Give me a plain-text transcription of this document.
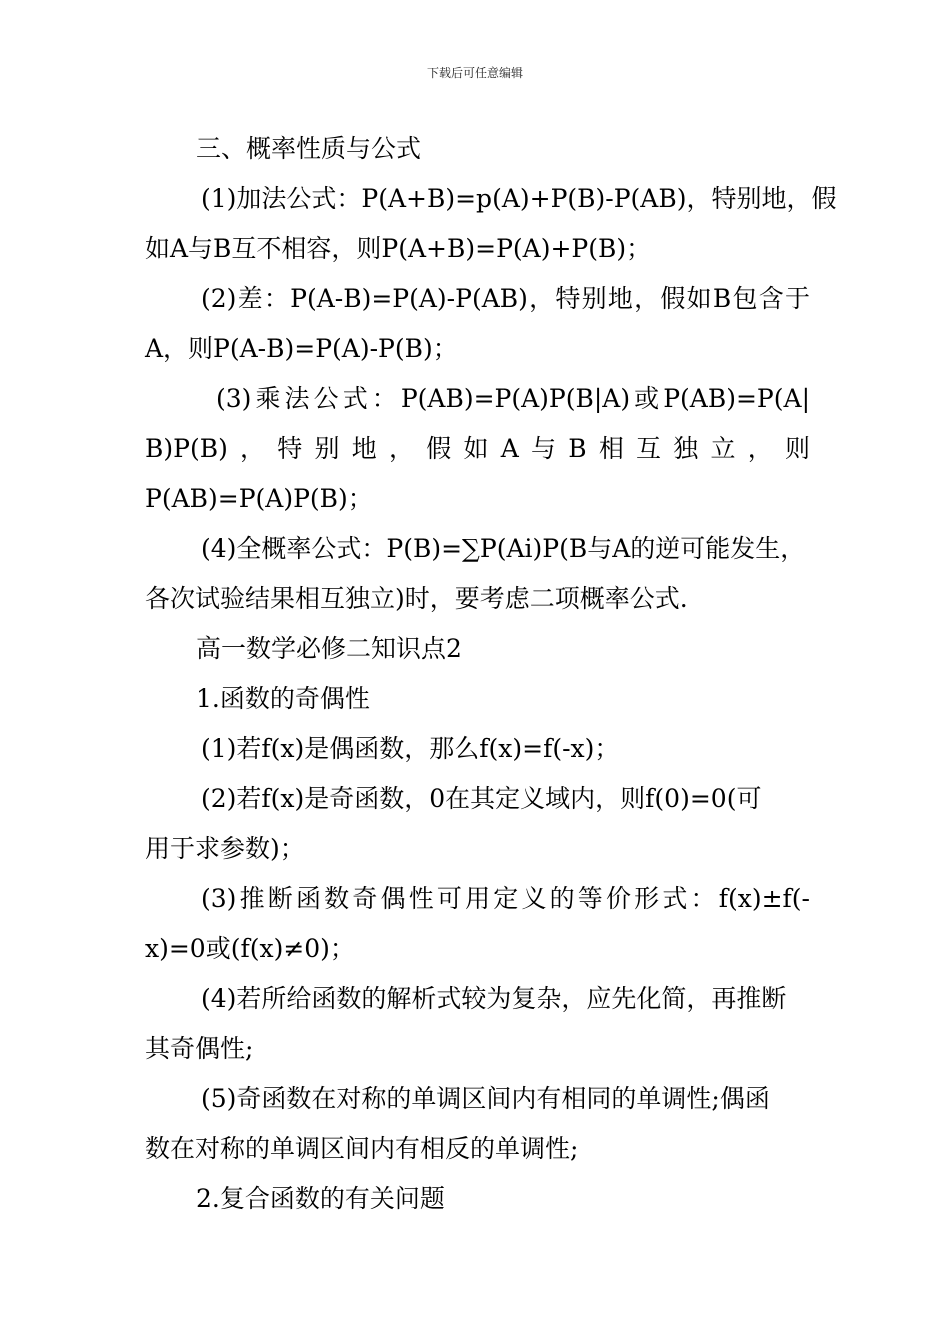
下载后可任意编辑
三、概率性质与公式
(1)加法公式：P(A+B)=p(A)+P(B)-P(AB)，特别地，假
如A与B互不相容，则P(A+B)=P(A)+P(B)；
(2)差：P(A-B)=P(A)-P(AB)，特别地，假如B包含于
A，则P(A-B)=P(A)-P(B)；
(3)乘法公式：P(AB)=P(A)P(B|A)或P(AB)=P(A|
B)P(B)，特别地，假如A与B相互独立，则
P(AB)=P(A)P(B)；
(4)全概率公式：P(B)=∑P(Ai)P(B与A的逆可能发生，
各次试验结果相互独立)时，要考虑二项概率公式.
高一数学必修二知识点2
1.函数的奇偶性
(1)若f(x)是偶函数，那么f(x)=f(-x)；
(2)若f(x)是奇函数，0在其定义域内，则f(0)=0(可
用于求参数)；
(3)推断函数奇偶性可用定义的等价形式：f(x)±f(-
x)=0或(f(x)≠0)；
(4)若所给函数的解析式较为复杂，应先化简，再推断
其奇偶性;
(5)奇函数在对称的单调区间内有相同的单调性;偶函
数在对称的单调区间内有相反的单调性;
2.复合函数的有关问题
